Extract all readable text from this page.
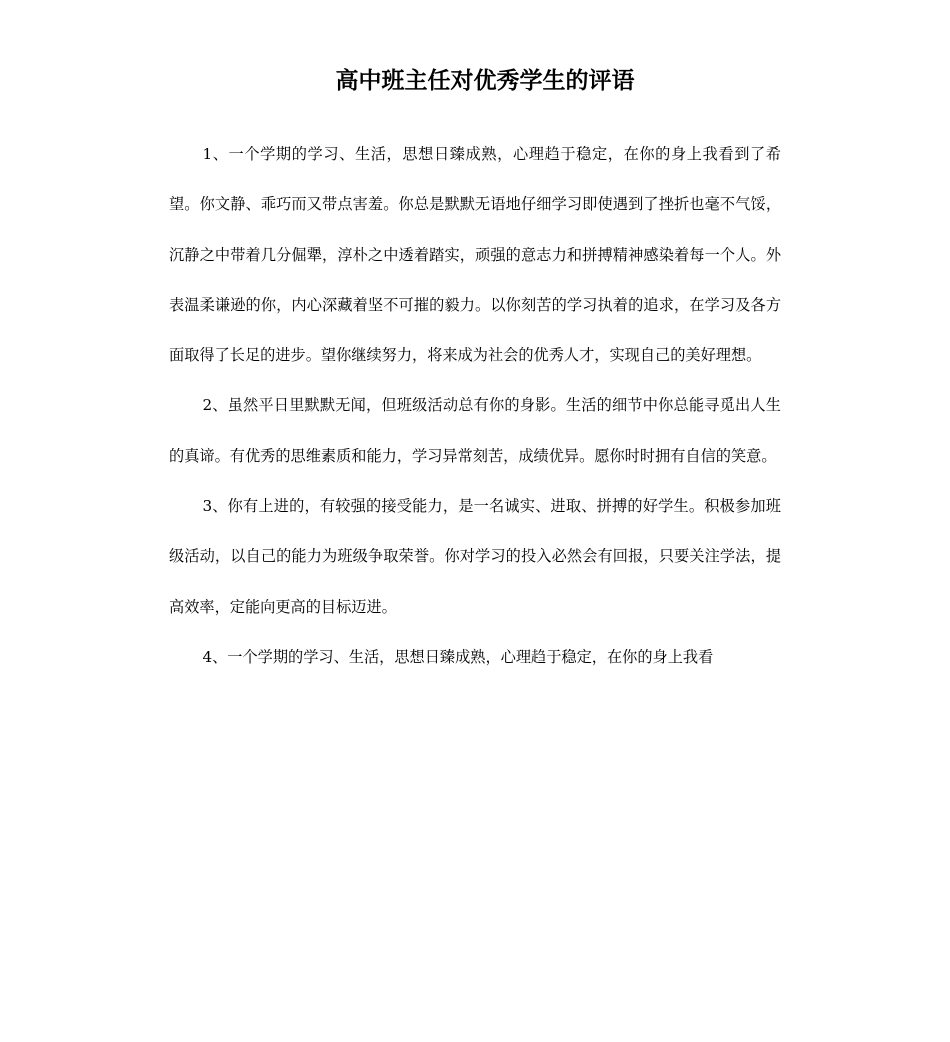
高中班主任对优秀学生的评语

1、一个学期的学习、生活，思想日臻成熟，心理趋于稳定，在你的身上我看到了希望。你文静、乖巧而又带点害羞。你总是默默无语地仔细学习即使遇到了挫折也毫不气馁，沉静之中带着几分倔犟，淳朴之中透着踏实，顽强的意志力和拼搏精神感染着每一个人。外表温柔谦逊的你，内心深藏着坚不可摧的毅力。以你刻苦的学习执着的追求，在学习及各方面取得了长足的进步。望你继续努力，将来成为社会的优秀人才，实现自己的美好理想。

2、虽然平日里默默无闻，但班级活动总有你的身影。生活的细节中你总能寻觅出人生的真谛。有优秀的思维素质和能力，学习异常刻苦，成绩优异。愿你时时拥有自信的笑意。

3、你有上进的，有较强的接受能力，是一名诚实、进取、拼搏的好学生。积极参加班级活动，以自己的能力为班级争取荣誉。你对学习的投入必然会有回报，只要关注学法，提高效率，定能向更高的目标迈进。

4、一个学期的学习、生活，思想日臻成熟，心理趋于稳定，在你的身上我看
